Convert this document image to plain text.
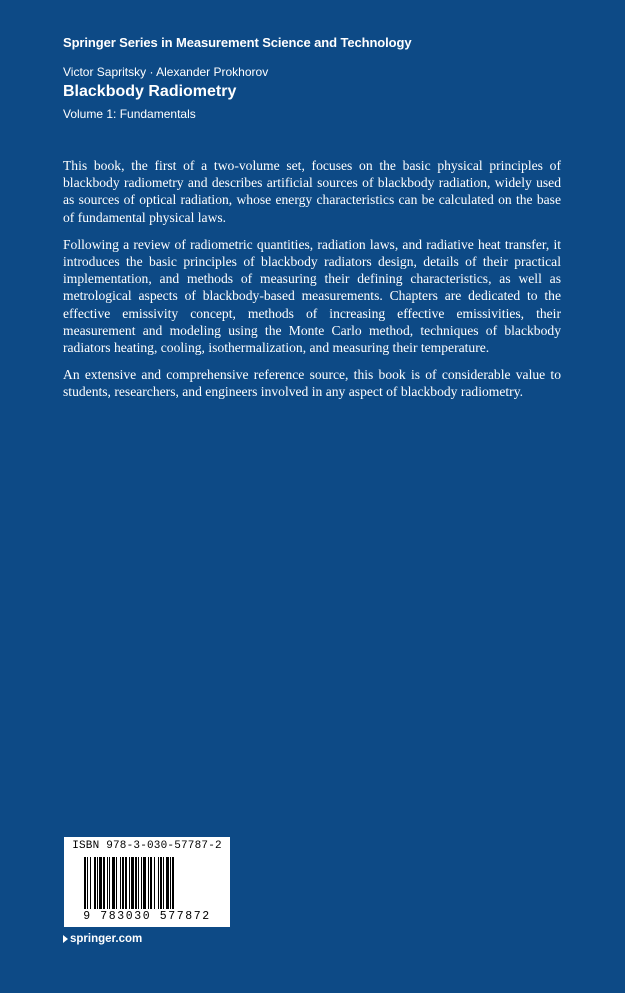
Springer Series in Measurement Science and Technology
Victor Sapritsky · Alexander Prokhorov
Blackbody Radiometry
Volume 1: Fundamentals

This book, the first of a two-volume set, focuses on the basic physical principles of blackbody radiometry and describes artificial sources of blackbody radiation, widely used as sources of optical radiation, whose energy characteristics can be calculated on the base of fundamental physical laws.

Following a review of radiometric quantities, radiation laws, and radiative heat transfer, it introduces the basic principles of blackbody radiators design, details of their practical implementation, and methods of measuring their defining characteristics, as well as metrological aspects of blackbody-based measurements. Chapters are dedicated to the effective emissivity concept, methods of increasing effective emissivities, their measurement and modeling using the Monte Carlo method, techniques of blackbody radiators heating, cooling, isothermalization, and measuring their temperature.

An extensive and comprehensive reference source, this book is of considerable value to students, researchers, and engineers involved in any aspect of blackbody radiometry.

ISBN 978-3-030-57787-2
9 783030 577872
springer.com
